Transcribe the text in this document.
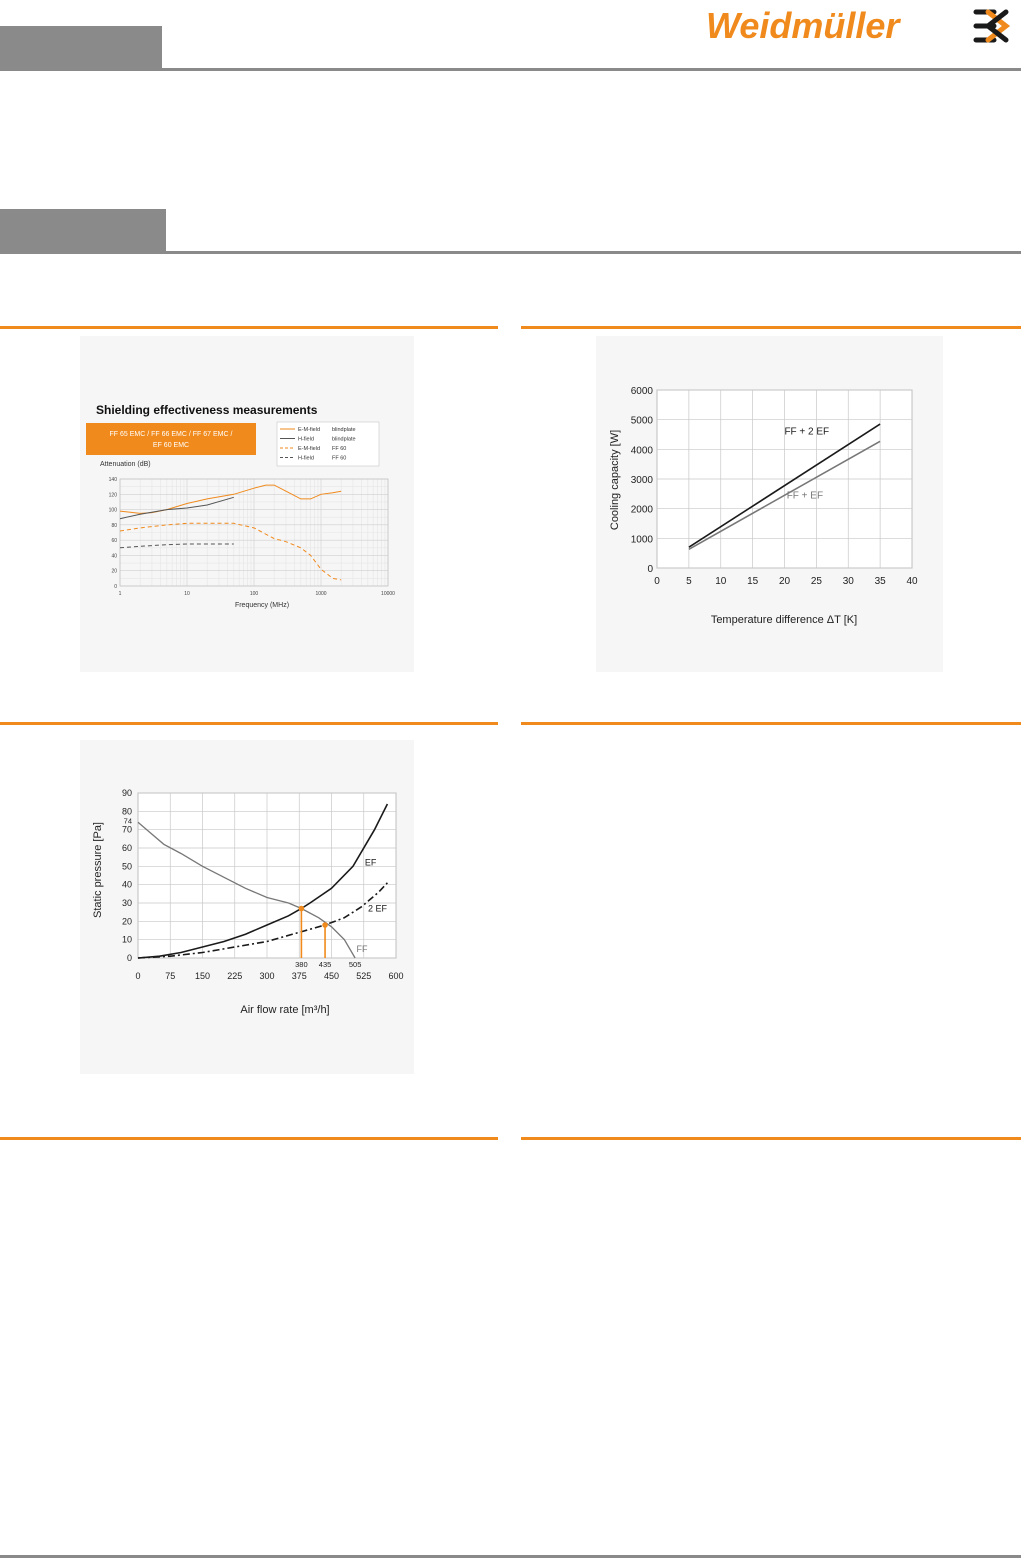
Weidmüller
Shielding effectiveness measurements
FF 65 EMC / FF 66 EMC / FF 67 EMC /
EF 60 EMC
E-M-field blindplate
H-field	blindplate
E-M-field FF 60
H-field	FF 60
Attenuation (dB)
0
20
40
60
80
100
120
140
1	10	100	1000	10000
Frequency (MHz)
0	5 10 15 20 25 30 35 40
0
1000
2000
3000
4000
5000
6000
FF + 2 EF
FF + EF
Cooling capacity [W]
Temperature difference ΔT [K]
0	75 150 225 300 375 450 525 600
0
10
20
30
40
50
60
70
80
90
74
FF
EF
2 EF
380 435 505
Static pressure [Pa]
Air flow rate [m³/h]
